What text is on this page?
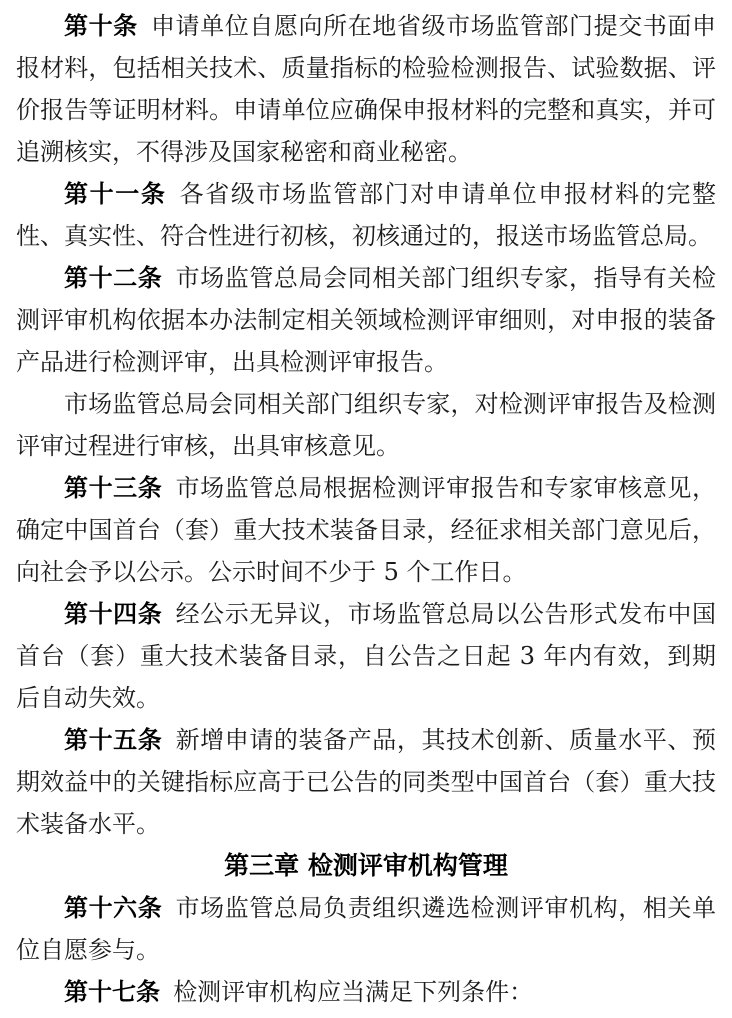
第十条 申请单位自愿向所在地省级市场监管部门提交书面申报材料，包括相关技术、质量指标的检验检测报告、试验数据、评价报告等证明材料。申请单位应确保申报材料的完整和真实，并可追溯核实，不得涉及国家秘密和商业秘密。

第十一条 各省级市场监管部门对申请单位申报材料的完整性、真实性、符合性进行初核，初核通过的，报送市场监管总局。

第十二条 市场监管总局会同相关部门组织专家，指导有关检测评审机构依据本办法制定相关领域检测评审细则，对申报的装备产品进行检测评审，出具检测评审报告。

市场监管总局会同相关部门组织专家，对检测评审报告及检测评审过程进行审核，出具审核意见。

第十三条 市场监管总局根据检测评审报告和专家审核意见，确定中国首台（套）重大技术装备目录，经征求相关部门意见后，向社会予以公示。公示时间不少于 5 个工作日。

第十四条 经公示无异议，市场监管总局以公告形式发布中国首台（套）重大技术装备目录，自公告之日起 3 年内有效，到期后自动失效。

第十五条 新增申请的装备产品，其技术创新、质量水平、预期效益中的关键指标应高于已公告的同类型中国首台（套）重大技术装备水平。

第三章 检测评审机构管理

第十六条 市场监管总局负责组织遴选检测评审机构，相关单位自愿参与。

第十七条 检测评审机构应当满足下列条件：
